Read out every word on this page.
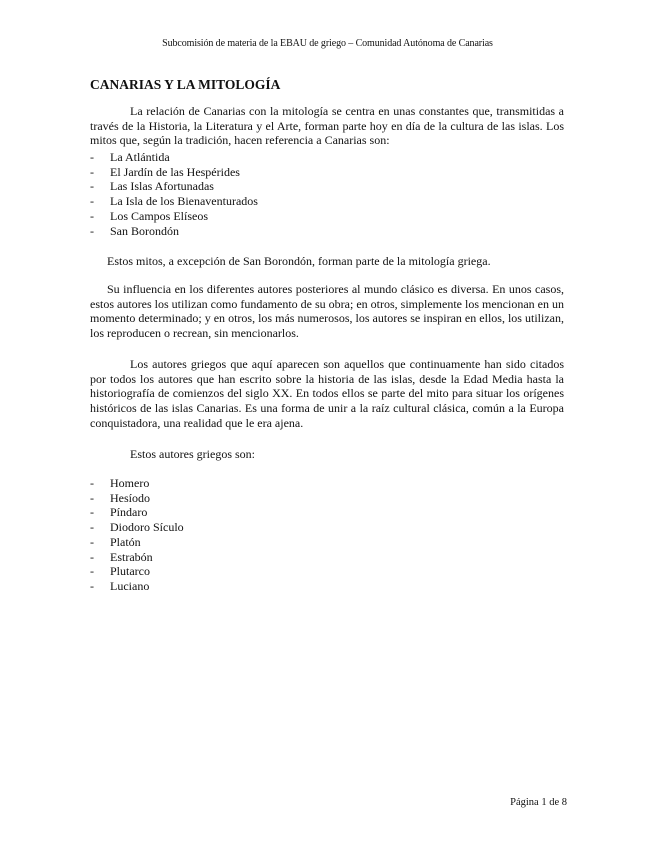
Subcomisión de materia de la EBAU de griego – Comunidad Autónoma de Canarias
CANARIAS Y LA MITOLOGÍA
La relación de Canarias con la mitología se centra en unas constantes que, transmitidas a través de la Historia, la Literatura y el Arte, forman parte hoy en día de la cultura de las islas. Los mitos que, según la tradición, hacen referencia a Canarias son:
- La Atlántida
- El Jardín de las Hespérides
- Las Islas Afortunadas
- La Isla de los Bienaventurados
- Los Campos Elíseos
- San Borondón
Estos mitos, a excepción de San Borondón, forman parte de la mitología griega.
Su influencia en los diferentes autores posteriores al mundo clásico es diversa. En unos casos, estos autores los utilizan como fundamento de su obra; en otros, simplemente los mencionan en un momento determinado; y en otros, los más numerosos, los autores se inspiran en ellos, los utilizan, los reproducen o recrean, sin mencionarlos.
Los autores griegos que aquí aparecen son aquellos que continuamente han sido citados por todos los autores que han escrito sobre la historia de las islas, desde la Edad Media hasta la historiografía de comienzos del siglo XX. En todos ellos se parte del mito para situar los orígenes históricos de las islas Canarias. Es una forma de unir a la raíz cultural clásica, común a la Europa conquistadora, una realidad que le era ajena.
Estos autores griegos son:
- Homero
- Hesíodo
- Píndaro
- Diodoro Sículo
- Platón
- Estrabón
- Plutarco
- Luciano
Página 1 de 8
